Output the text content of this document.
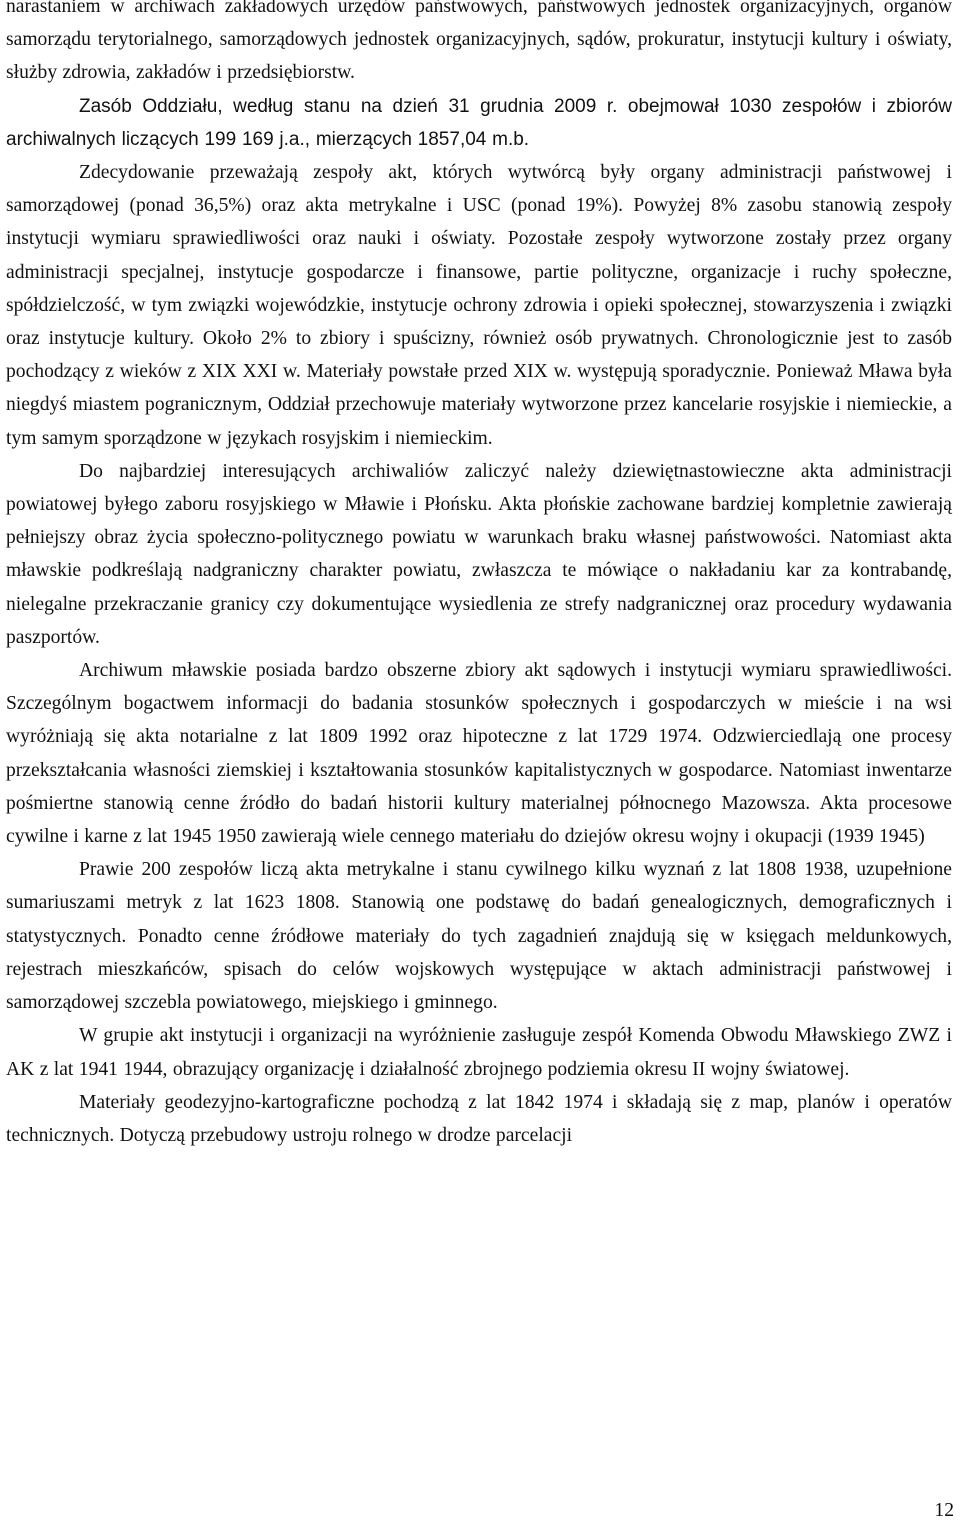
narastaniem w archiwach zakładowych urzędów państwowych, państwowych jednostek organizacyjnych, organów samorządu terytorialnego, samorządowych jednostek organizacyjnych, sądów, prokuratur, instytucji kultury i oświaty, służby zdrowia, zakładów i przedsiębiorstw.

Zasób Oddziału, według stanu na dzień 31 grudnia 2009 r. obejmował 1030 zespołów i zbiorów archiwalnych liczących 199 169 j.a., mierzących 1857,04 m.b.

Zdecydowanie przeważają zespoły akt, których wytwórcą były organy administracji państwowej i samorządowej (ponad 36,5%) oraz akta metrykalne i USC (ponad 19%). Powyżej 8% zasobu stanowią zespoły instytucji wymiaru sprawiedliwości oraz nauki i oświaty. Pozostałe zespoły wytworzone zostały przez organy administracji specjalnej, instytucje gospodarcze i finansowe, partie polityczne, organizacje i ruchy społeczne, spółdzielczość, w tym związki wojewódzkie, instytucje ochrony zdrowia i opieki społecznej, stowarzyszenia i związki oraz instytucje kultury. Około 2% to zbiory i spuścizny, również osób prywatnych. Chronologicznie jest to zasób pochodzący z wieków z XIX XXI w. Materiały powstałe przed XIX w. występują sporadycznie. Ponieważ Mława była niegdyś miastem pogranicznym, Oddział przechowuje materiały wytworzone przez kancelarie rosyjskie i niemieckie, a tym samym sporządzone w językach rosyjskim i niemieckim.

Do najbardziej interesujących archiwaliów zaliczyć należy dziewiętnastowieczne akta administracji powiatowej byłego zaboru rosyjskiego w Mławie i Płońsku. Akta płońskie zachowane bardziej kompletnie zawierają pełniejszy obraz życia społeczno-politycznego powiatu w warunkach braku własnej państwowości. Natomiast akta mławskie podkreślają nadgraniczny charakter powiatu, zwłaszcza te mówiące o nakładaniu kar za kontrabandę, nielegalne przekraczanie granicy czy dokumentujące wysiedlenia ze strefy nadgranicznej oraz procedury wydawania paszportów.

Archiwum mławskie posiada bardzo obszerne zbiory akt sądowych i instytucji wymiaru sprawiedliwości. Szczególnym bogactwem informacji do badania stosunków społecznych i gospodarczych w mieście i na wsi wyróżniają się akta notarialne z lat 1809 1992 oraz hipoteczne z lat 1729 1974. Odzwierciedlają one procesy przekształcania własności ziemskiej i kształtowania stosunków kapitalistycznych w gospodarce. Natomiast inwentarze pośmiertne stanowią cenne źródło do badań historii kultury materialnej północnego Mazowsza. Akta procesowe cywilne i karne z lat 1945 1950 zawierają wiele cennego materiału do dziejów okresu wojny i okupacji (1939 1945)

Prawie 200 zespołów liczą akta metrykalne i stanu cywilnego kilku wyznań z lat 1808 1938, uzupełnione sumariuszami metryk z lat 1623 1808. Stanowią one podstawę do badań genealogicznych, demograficznych i statystycznych. Ponadto cenne źródłowe materiały do tych zagadnień znajdują się w księgach meldunkowych, rejestrach mieszkańców, spisach do celów wojskowych występujące w aktach administracji państwowej i samorządowej szczebla powiatowego, miejskiego i gminnego.

W grupie akt instytucji i organizacji na wyróżnienie zasługuje zespół Komenda Obwodu Mławskiego ZWZ i AK z lat 1941 1944, obrazujący organizację i działalność zbrojnego podziemia okresu II wojny światowej.

Materiały geodezyjno-kartograficzne pochodzą z lat 1842 1974 i składają się z map, planów i operatów technicznych. Dotyczą przebudowy ustroju rolnego w drodze parcelacji

12
